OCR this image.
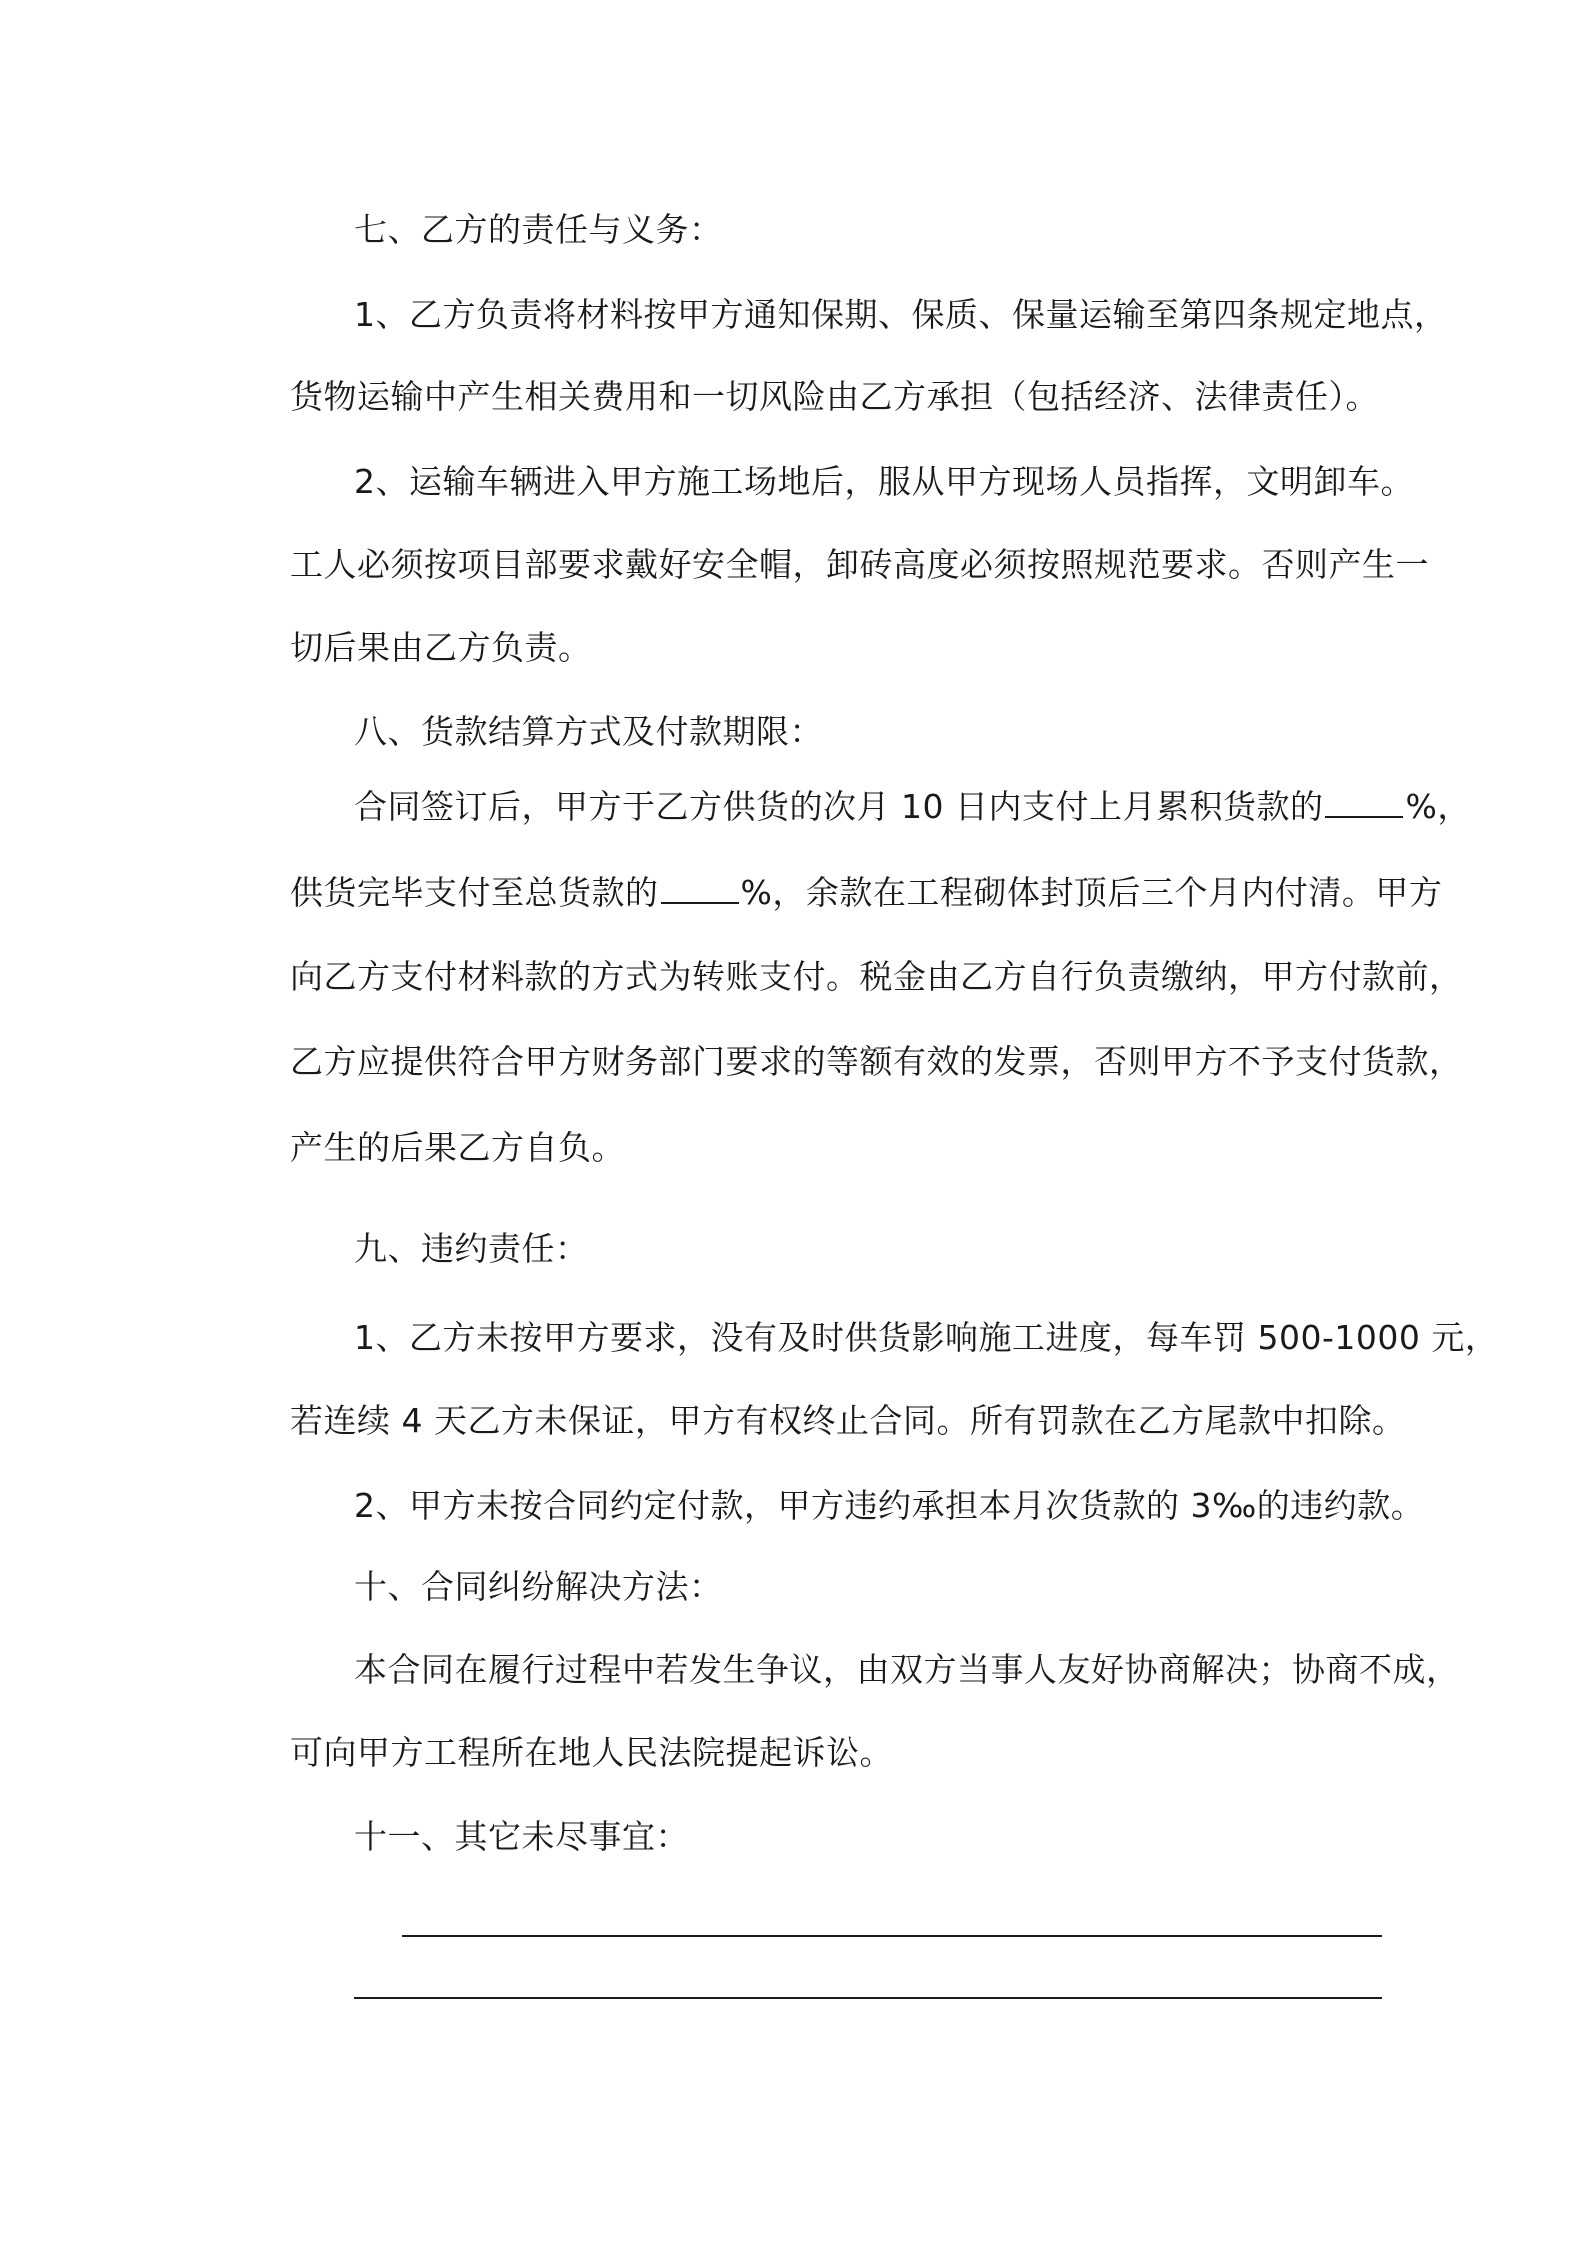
七、乙方的责任与义务：
1、乙方负责将材料按甲方通知保期、保质、保量运输至第四条规定地点，
货物运输中产生相关费用和一切风险由乙方承担（包括经济、法律责任）。
2、运输车辆进入甲方施工场地后，服从甲方现场人员指挥，文明卸车。
工人必须按项目部要求戴好安全帽，卸砖高度必须按照规范要求。否则产生一
切后果由乙方负责。
八、货款结算方式及付款期限：
合同签订后，甲方于乙方供货的次月 10 日内支付上月累积货款的 %，
供货完毕支付至总货款的 %，余款在工程砌体封顶后三个月内付清。甲方
向乙方支付材料款的方式为转账支付。税金由乙方自行负责缴纳，甲方付款前，
乙方应提供符合甲方财务部门要求的等额有效的发票，否则甲方不予支付货款，
产生的后果乙方自负。
九、违约责任：
1、乙方未按甲方要求，没有及时供货影响施工进度，每车罚 500-1000 元，
若连续 4 天乙方未保证，甲方有权终止合同。所有罚款在乙方尾款中扣除。
2、甲方未按合同约定付款，甲方违约承担本月次货款的 3‰的违约款。
十、合同纠纷解决方法：
本合同在履行过程中若发生争议，由双方当事人友好协商解决；协商不成，
可向甲方工程所在地人民法院提起诉讼。
十一、其它未尽事宜：
